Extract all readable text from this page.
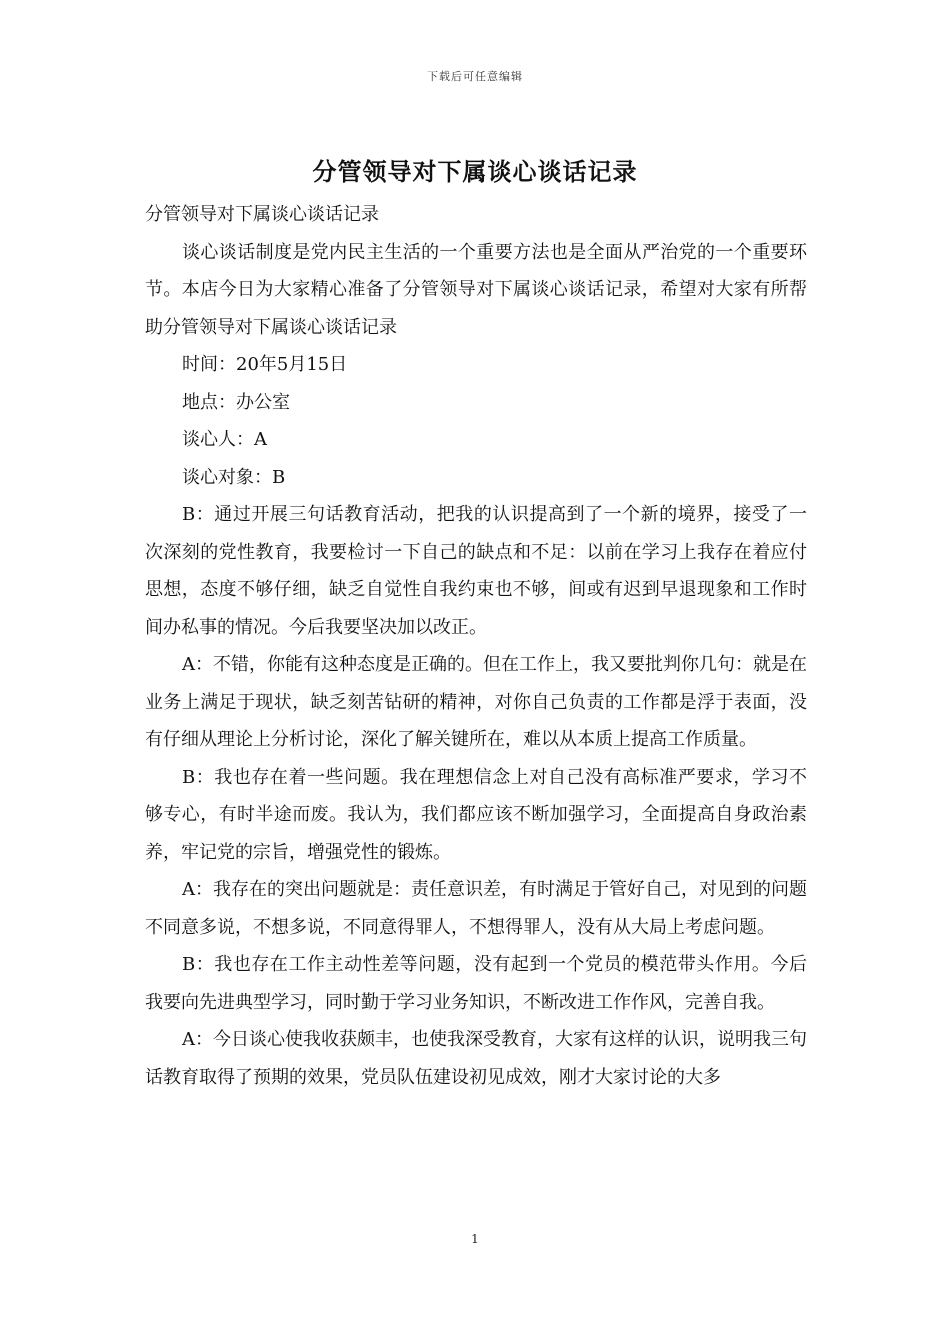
下载后可任意编辑
分管领导对下属谈心谈话记录

分管领导对下属谈心谈话记录

谈心谈话制度是党内民主生活的一个重要方法也是全面从严治党的一个重要环节。本店今日为大家精心准备了分管领导对下属谈心谈话记录，希望对大家有所帮助分管领导对下属谈心谈话记录

时间：20年5月15日

地点：办公室

谈心人：A

谈心对象：B

B：通过开展三句话教育活动，把我的认识提高到了一个新的境界，接受了一次深刻的党性教育，我要检讨一下自己的缺点和不足：以前在学习上我存在着应付思想，态度不够仔细，缺乏自觉性自我约束也不够，间或有迟到早退现象和工作时间办私事的情况。今后我要坚决加以改正。

A：不错，你能有这种态度是正确的。但在工作上，我又要批判你几句：就是在业务上满足于现状，缺乏刻苦钻研的精神，对你自己负责的工作都是浮于表面，没有仔细从理论上分析讨论，深化了解关键所在，难以从本质上提高工作质量。

B：我也存在着一些问题。我在理想信念上对自己没有高标准严要求，学习不够专心，有时半途而废。我认为，我们都应该不断加强学习，全面提高自身政治素养，牢记党的宗旨，增强党性的锻炼。

A：我存在的突出问题就是：责任意识差，有时满足于管好自己，对见到的问题不同意多说，不想多说，不同意得罪人，不想得罪人，没有从大局上考虑问题。

B：我也存在工作主动性差等问题，没有起到一个党员的模范带头作用。今后我要向先进典型学习，同时勤于学习业务知识，不断改进工作作风，完善自我。

A：今日谈心使我收获颇丰，也使我深受教育，大家有这样的认识，说明我三句话教育取得了预期的效果，党员队伍建设初见成效，刚才大家讨论的大多

1
